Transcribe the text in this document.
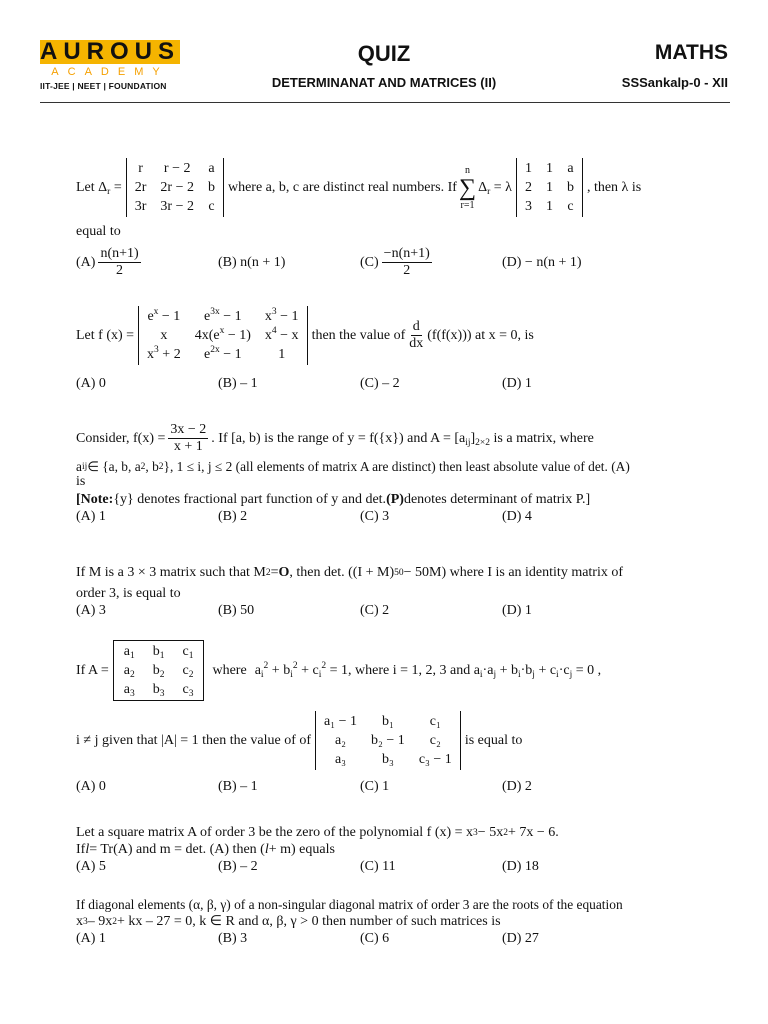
AUROUS
ACADEMY
IIT-JEE | NEET | FOUNDATION
QUIZ
DETERMINANAT AND MATRICES (II)
MATHS
SSSankalp-0 - XII
Let $\Delta_r$ =
r	r − 2	a
2r	2r − 2	b
3r	3r − 2	c
where a, b, c are distinct real numbers. If
n
∑
r=1
$\Delta_r = \lambda$
1	1	a
2	1	b
3	1	c
, then λ is
equal to
$(A) \frac{n(n+1)}{2}$	(B) n(n + 1)	$(C) \frac{-n(n+1)}{2}$	(D) − n(n + 1)
Let f (x) =
$e^x - 1$	$e^{3x} - 1$	$x^3 - 1$
x	$4x(e^x - 1)$	$x^4 - x$
$x^3 + 2$	$e^{2x} - 1$	1
then the value of $\frac{d}{dx} (f(f(x)))$ at x = 0, is
(A) 0	(B) – 1	(C) – 2	(D) 1
Consider, $f(x) = \frac{3x - 2}{x + 1}$ . If [a, b) is the range of y = f({x}) and $A = [a_{ij}]_{2\times 2}$ is a matrix, where
a ij ∈ {a, b, a 2 , b 2 }, 1 ≤ i, j ≤ 2 (all elements of matrix A are distinct) then least absolute value of det. (A)
is
[Note: {y} denotes fractional part function of y and det. (P) denotes determinant of matrix P.]
(A) 1	(B) 2	(C) 3	(D) 4
If M is a 3 × 3 matrix such that M 2 = O , then det. ((I + M) 50 − 50M) where I is an identity matrix of
order 3, is equal to
(A) 3	(B) 50	(C) 2	(D) 1
If A =
$a_1$	$b_1$	$c_1$
$a_2$	$b_2$	$c_2$
$a_3$	$b_3$	$c_3$
where $a_i^2 + b_i^2 + c_i^2 = 1$, where i = 1, 2, 3 and $a_i\cdot a_j + b_i\cdot b_j + c_i\cdot c_j = 0$ ,
i ≠ j given that |A| = 1 then the value of of
a₁ − 1	b₁	c₁
a₂	b₂ − 1	c₂
a₃	b₃	c₃ − 1
is equal to
(A) 0	(B) – 1	(C) 1	(D) 2
Let a square matrix A of order 3 be the zero of the polynomial f (x) = x 3 − 5x 2 + 7x − 6.
If l = Tr(A) and m = det. (A) then ( l + m) equals
(A) 5	(B) – 2	(C) 11	(D) 18
If diagonal elements (α, β, γ) of a non-singular diagonal matrix of order 3 are the roots of the equation
x 3 – 9x 2 + kx – 27 = 0, k ∈ R and α, β, γ > 0 then number of such matrices is
(A) 1	(B) 3	(C) 6	(D) 27
